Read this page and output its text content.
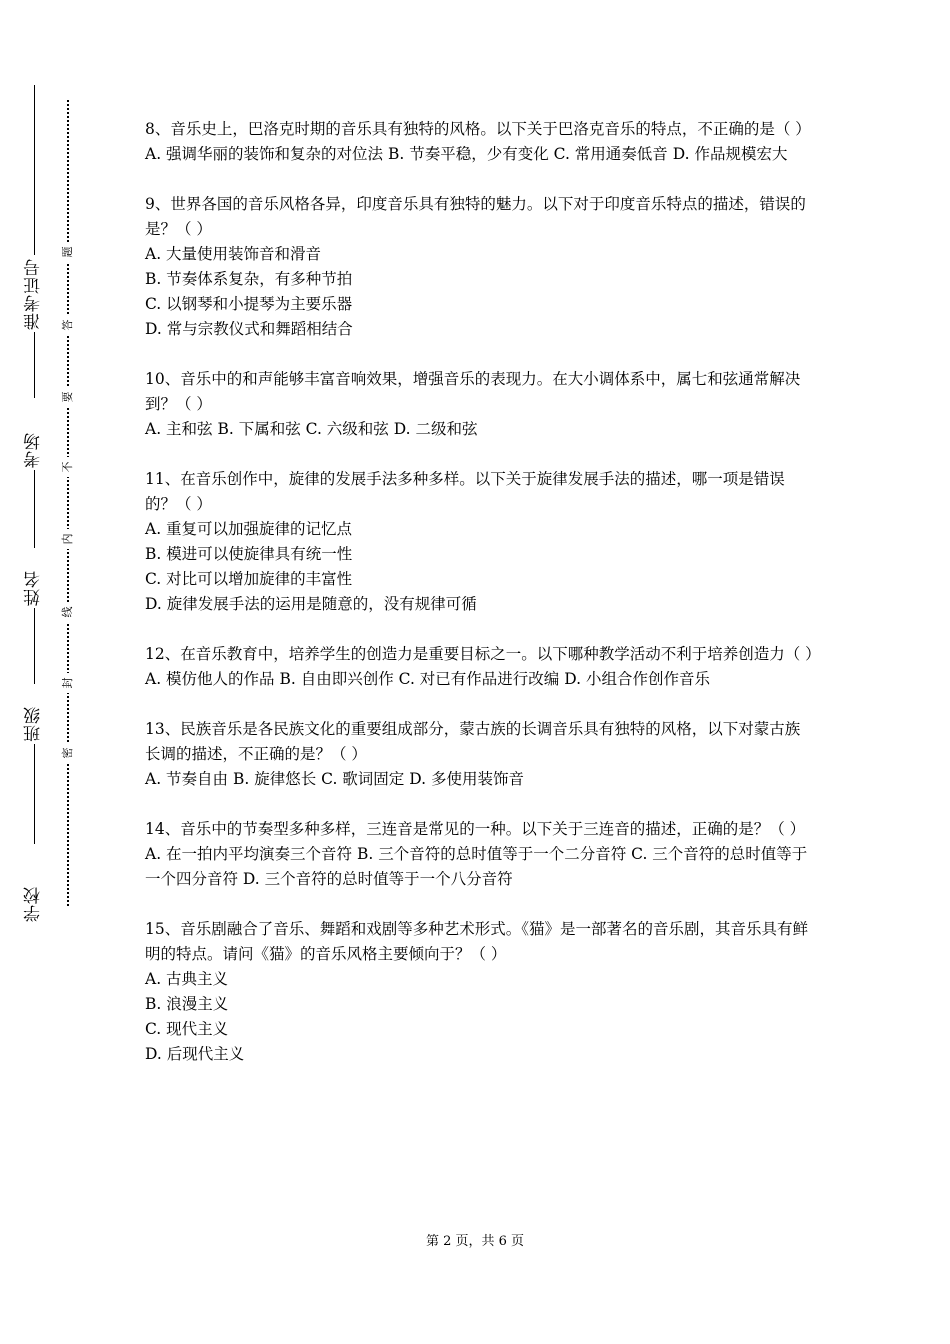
准考证号
考场
姓名
班级
学校
题
答
要
不
内
线
封
密

8、音乐史上，巴洛克时期的音乐具有独特的风格。以下关于巴洛克音乐的特点，不正确的是（ ）

A. 强调华丽的装饰和复杂的对位法 B. 节奏平稳，少有变化 C. 常用通奏低音 D. 作品规模宏大

9、世界各国的音乐风格各异，印度音乐具有独特的魅力。以下对于印度音乐特点的描述，错误的是？（ ）

A. 大量使用装饰音和滑音
B. 节奏体系复杂，有多种节拍
C. 以钢琴和小提琴为主要乐器
D. 常与宗教仪式和舞蹈相结合

10、音乐中的和声能够丰富音响效果，增强音乐的表现力。在大小调体系中，属七和弦通常解决到？（ ）

A. 主和弦 B. 下属和弦 C. 六级和弦 D. 二级和弦

11、在音乐创作中，旋律的发展手法多种多样。以下关于旋律发展手法的描述，哪一项是错误的？（ ）

A. 重复可以加强旋律的记忆点
B. 模进可以使旋律具有统一性
C. 对比可以增加旋律的丰富性
D. 旋律发展手法的运用是随意的，没有规律可循

12、在音乐教育中，培养学生的创造力是重要目标之一。以下哪种教学活动不利于培养创造力（ ）

A. 模仿他人的作品 B. 自由即兴创作 C. 对已有作品进行改编 D. 小组合作创作音乐

13、民族音乐是各民族文化的重要组成部分，蒙古族的长调音乐具有独特的风格，以下对蒙古族长调的描述，不正确的是？（ ）

A. 节奏自由 B. 旋律悠长 C. 歌词固定 D. 多使用装饰音

14、音乐中的节奏型多种多样，三连音是常见的一种。以下关于三连音的描述，正确的是？（ ）

A. 在一拍内平均演奏三个音符 B. 三个音符的总时值等于一个二分音符 C. 三个音符的总时值等于一个四分音符 D. 三个音符的总时值等于一个八分音符

15、音乐剧融合了音乐、舞蹈和戏剧等多种艺术形式。《猫》是一部著名的音乐剧，其音乐具有鲜明的特点。请问《猫》的音乐风格主要倾向于？（ ）

A. 古典主义
B. 浪漫主义
C. 现代主义
D. 后现代主义
第 2 页，共 6 页
